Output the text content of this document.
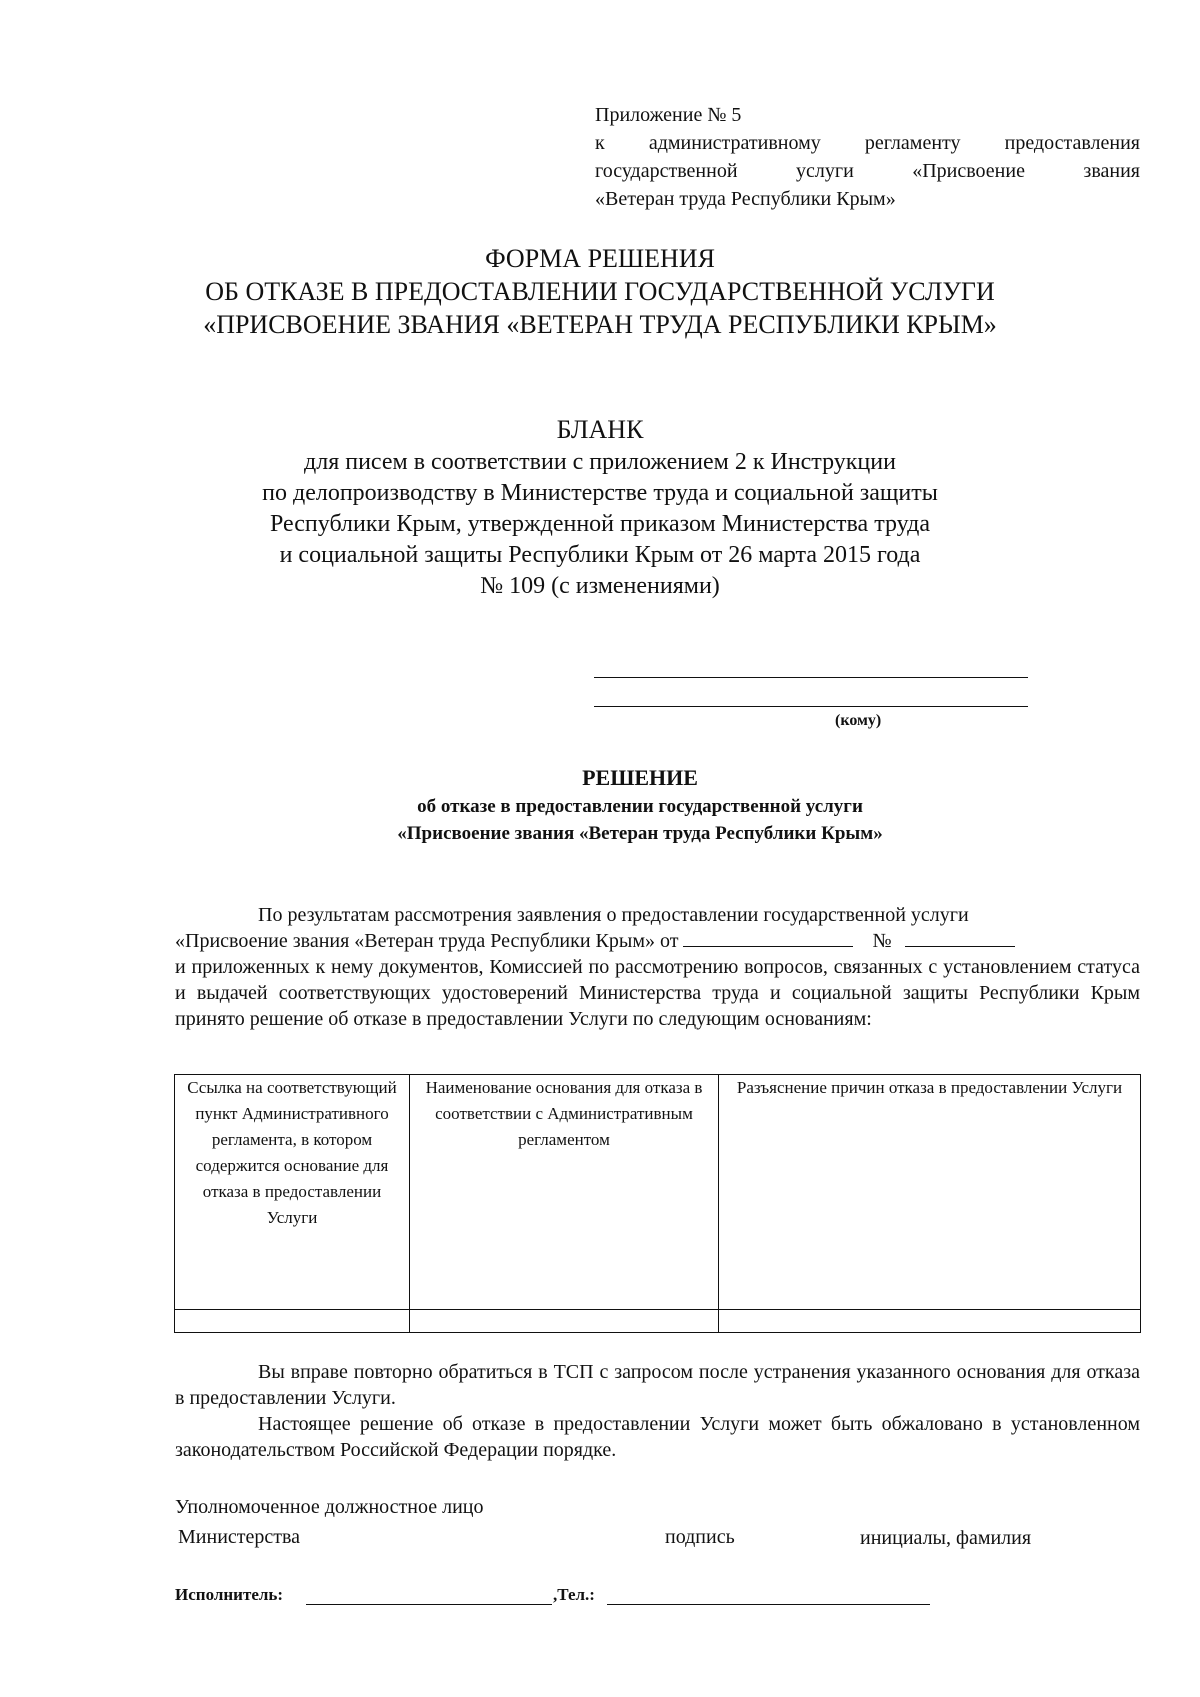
Приложение № 5
к административному регламенту предоставления
государственной услуги «Присвоение звания
«Ветеран труда Республики Крым»
ФОРМА РЕШЕНИЯ
ОБ ОТКАЗЕ В ПРЕДОСТАВЛЕНИИ ГОСУДАРСТВЕННОЙ УСЛУГИ
«ПРИСВОЕНИЕ ЗВАНИЯ «ВЕТЕРАН ТРУДА РЕСПУБЛИКИ КРЫМ»
БЛАНК
для писем в соответствии с приложением 2 к Инструкции
по делопроизводству в Министерстве труда и социальной защиты
Республики Крым, утвержденной приказом Министерства труда
и социальной защиты Республики Крым от 26 марта 2015 года
№ 109 (с изменениями)
(кому)
РЕШЕНИЕ
об отказе в предоставлении государственной услуги
«Присвоение звания «Ветеран труда Республики Крым»

По результатам рассмотрения заявления о предоставлении государственной услуги

«Присвоение звания «Ветеран труда Республики Крым» от	№

и приложенных к нему документов, Комиссией по рассмотрению вопросов, связанных с установлением статуса и выдачей соответствующих удостоверений Министерства труда и социальной защиты Республики Крым принято решение об отказе в предоставлении Услуги по следующим основаниям:

Ссылка на соответствующий пункт Административного регламента, в котором содержится основание для отказа в предоставлении Услуги	Наименование основания для отказа в соответствии с Административным регламентом	Разъяснение причин отказа в предоставлении Услуги

Вы вправе повторно обратиться в ТСП с запросом после устранения указанного основания для отказа в предоставлении Услуги.

Настоящее решение об отказе в предоставлении Услуги может быть обжаловано в установленном законодательством Российской Федерации порядке.

Уполномоченное должностное лицо
Министерства	подпись	инициалы, фамилия
Исполнитель:	,Тел.:
